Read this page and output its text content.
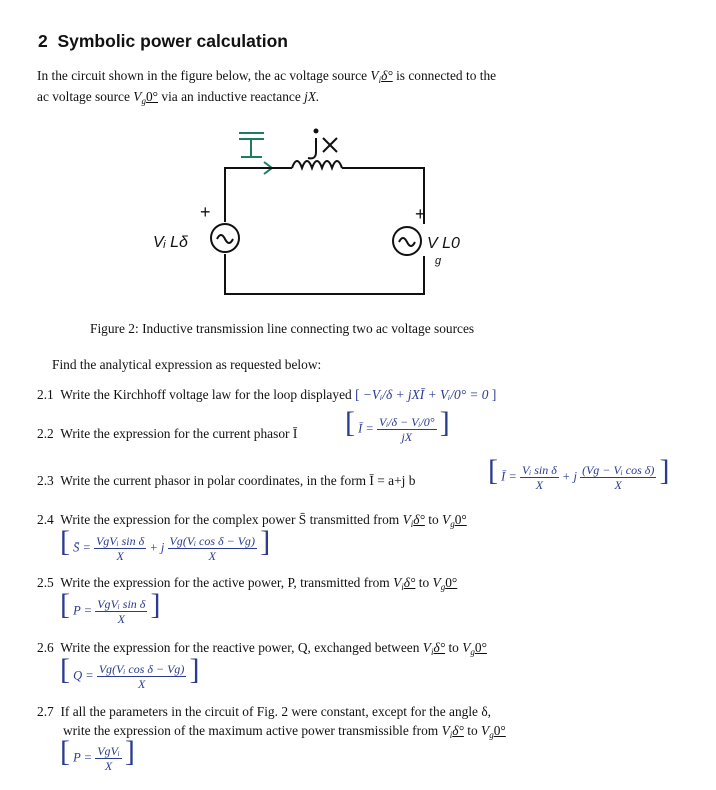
2 Symbolic power calculation
In the circuit shown in the figure below, the ac voltage source $V_i\delta^\circ$ is connected to the
ac voltage source $V_g0^\circ$ via an inductive reactance jX.
+	+
Vᵢ Lδ	V L0
g
Figure 2: Inductive transmission line connecting two ac voltage sources
Find the analytical expression as requested below:
2.1 Write the Kirchhoff voltage law for the loop displayed [ −Vᵢ/δ + jXĪ + Vᵢ/0° = 0 ]
2.2 Write the expression for the current phasor Ī [ Ī = $\frac{\text{Vᵢ/δ − Vᵢ/0°}}{jX}$ ]
2.3 Write the current phasor in polar coordinates, in the form Ī = a+j b [ Ī = $\frac{\text{Vᵢ sin δ}}{X} + j \frac{\text{(Vɡ − Vᵢ cos δ)}}{X}$ ]
2.4 Write the expression for the complex power S̄ transmitted from $V_i\delta^\circ$ to $V_g0^\circ$
[ S̄ = $\frac{\text{VɡVᵢ sin δ}}{X} + j \frac{\text{Vɡ(Vᵢ cos δ − Vɡ)}}{X}$ ]
2.5 Write the expression for the active power, P, transmitted from $V_i\delta^\circ$ to $V_g0^\circ$
[ $P = \frac{\text{VɡVᵢ sin δ}}{X}$ ]
2.6 Write the expression for the reactive power, Q, exchanged between $V_i\delta^\circ$ to $V_g0^\circ$
[ $Q = \frac{\text{Vɡ(Vᵢ cos δ − Vɡ)}}{X}$ ]
2.7 If all the parameters in the circuit of Fig. 2 were constant, except for the angle δ,
write the expression of the maximum active power transmissible from $V_i\delta^\circ$ to $V_g0^\circ$
[ $P = \frac{\text{VɡVᵢ}}{X}$ ]
